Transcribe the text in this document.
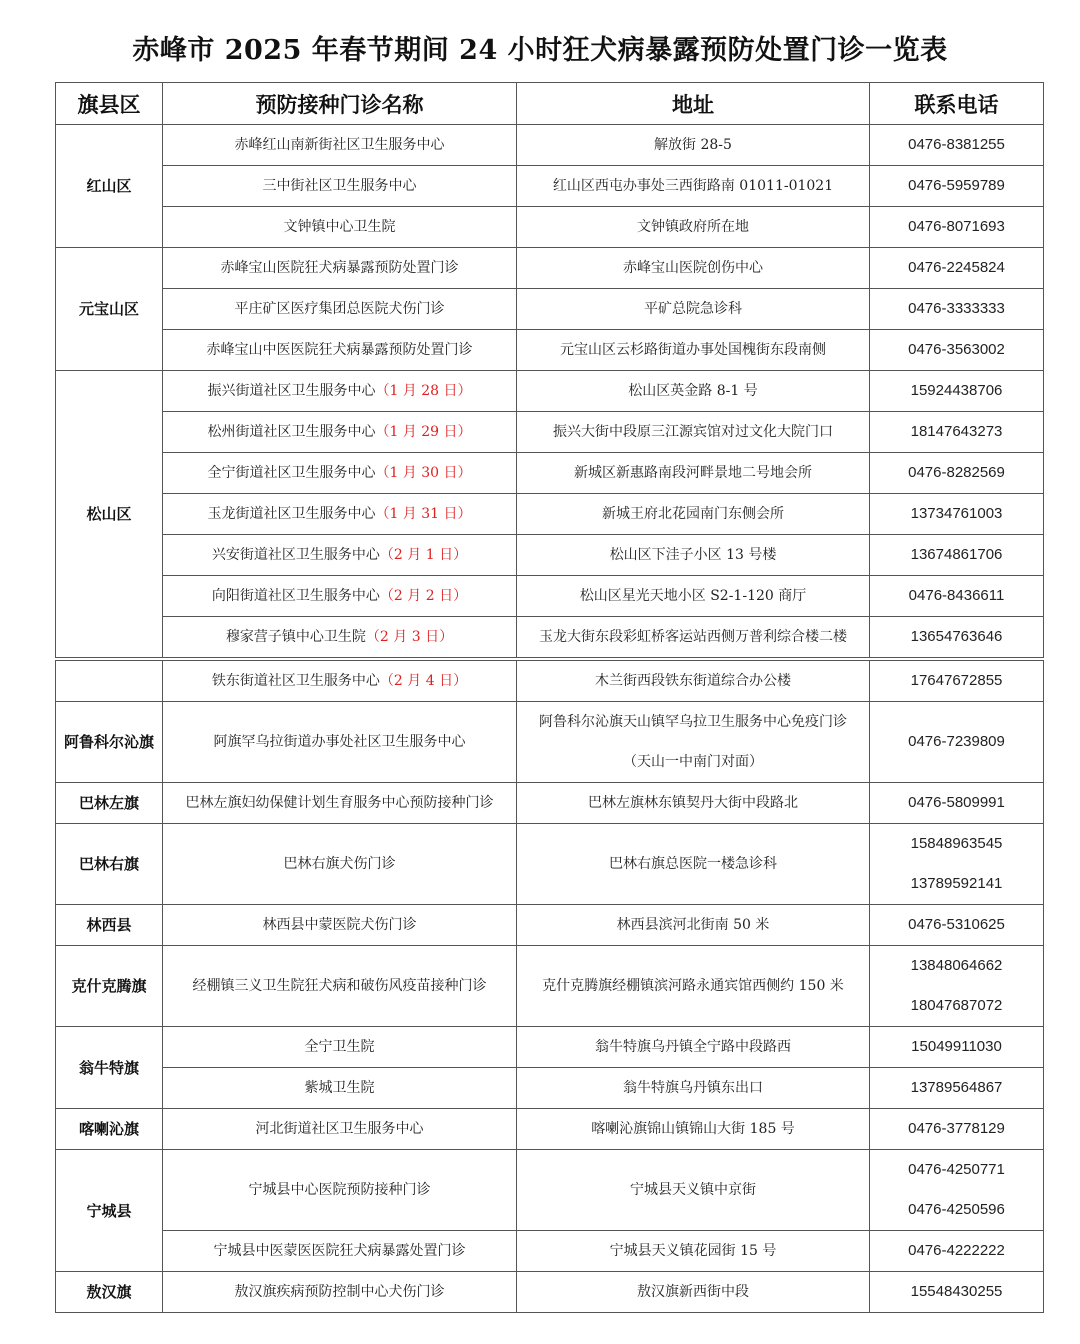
赤峰市 2025 年春节期间 24 小时狂犬病暴露预防处置门诊一览表
旗县区	预防接种门诊名称	地址	联系电话
红山区	赤峰红山南新街社区卫生服务中心	解放街 28-5	0476-8381255

	三中街社区卫生服务中心	红山区西屯办事处三西街路南 01011-01021	0476-5959789

	文钟镇中心卫生院	文钟镇政府所在地	0476-8071693

元宝山区	赤峰宝山医院狂犬病暴露预防处置门诊	赤峰宝山医院创伤中心	0476-2245824

	平庄矿区医疗集团总医院犬伤门诊	平矿总院急诊科	0476-3333333

	赤峰宝山中医医院狂犬病暴露预防处置门诊	元宝山区云杉路街道办事处国槐街东段南侧	0476-3563002

松山区	振兴街道社区卫生服务中心（1 月 28 日）	松山区英金路 8-1 号	15924438706

	松州街道社区卫生服务中心（1 月 29 日）	振兴大街中段原三江源宾馆对过文化大院门口	18147643273

	全宁街道社区卫生服务中心（1 月 30 日）	新城区新惠路南段河畔景地二号地会所	0476-8282569

	玉龙街道社区卫生服务中心（1 月 31 日）	新城王府北花园南门东侧会所	13734761003

	兴安街道社区卫生服务中心（2 月 1 日）	松山区下洼子小区 13 号楼	13674861706

	向阳街道社区卫生服务中心（2 月 2 日）	松山区星光天地小区 S2-1-120 商厅	0476-8436611

	穆家营子镇中心卫生院（2 月 3 日）	玉龙大街东段彩虹桥客运站西侧万普利综合楼二楼	13654763646

	铁东街道社区卫生服务中心（2 月 4 日）	木兰街西段铁东街道综合办公楼	17647672855

阿鲁科尔沁旗	阿旗罕乌拉街道办事处社区卫生服务中心	阿鲁科尔沁旗天山镇罕乌拉卫生服务中心免疫门诊
（天山一中南门对面）	0476-7239809

巴林左旗	巴林左旗妇幼保健计划生育服务中心预防接种门诊	巴林左旗林东镇契丹大街中段路北	0476-5809991

巴林右旗	巴林右旗犬伤门诊	巴林右旗总医院一楼急诊科	15848963545
13789592141

林西县	林西县中蒙医院犬伤门诊	林西县滨河北街南 50 米	0476-5310625

克什克腾旗	经棚镇三义卫生院狂犬病和破伤风疫苗接种门诊	克什克腾旗经棚镇滨河路永通宾馆西侧约 150 米	13848064662
18047687072

翁牛特旗	全宁卫生院	翁牛特旗乌丹镇全宁路中段路西	15049911030

	紫城卫生院	翁牛特旗乌丹镇东出口	13789564867

喀喇沁旗	河北街道社区卫生服务中心	喀喇沁旗锦山镇锦山大街 185 号	0476-3778129

宁城县	宁城县中心医院预防接种门诊	宁城县天义镇中京街	0476-4250771
0476-4250596

	宁城县中医蒙医医院狂犬病暴露处置门诊	宁城县天义镇花园街 15 号	0476-4222222

敖汉旗	敖汉旗疾病预防控制中心犬伤门诊	敖汉旗新西街中段	15548430255
